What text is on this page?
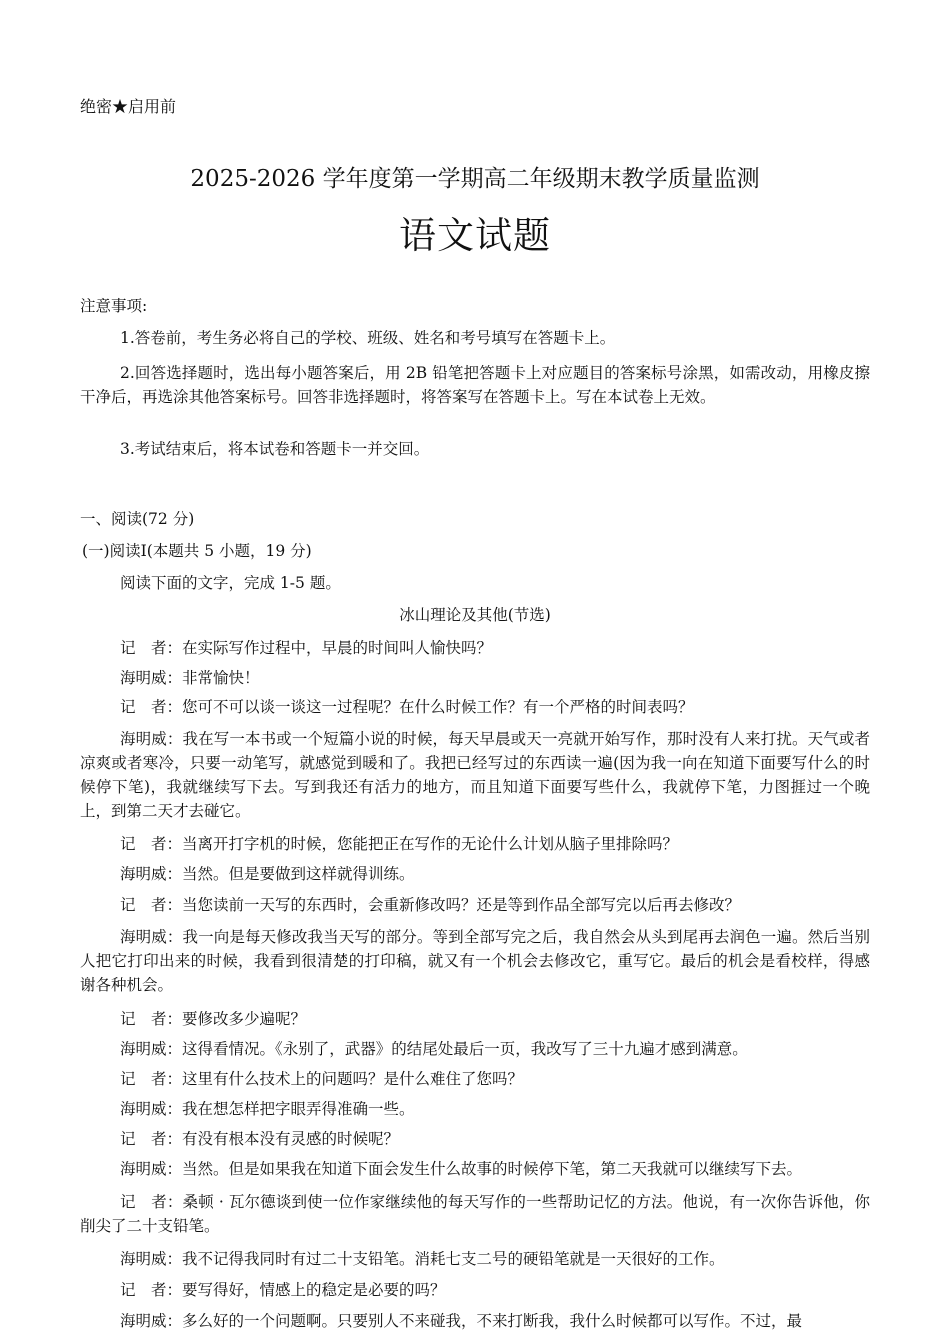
绝密★启用前
2025-2026 学年度第一学期高二年级期末教学质量监测
语文试题
注意事项:
1.答卷前，考生务必将自己的学校、班级、姓名和考号填写在答题卡上。
2.回答选择题时，选出每小题答案后，用 2B 铅笔把答题卡上对应题目的答案标号涂黑，如需改动，用橡皮擦干净后，再选涂其他答案标号。回答非选择题时，将答案写在答题卡上。写在本试卷上无效。
3.考试结束后，将本试卷和答题卡一并交回。
一、阅读(72 分)
(一)阅读Ⅰ(本题共 5 小题，19 分)
阅读下面的文字，完成 1-5 题。
冰山理论及其他(节选)
记　者：在实际写作过程中，早晨的时间叫人愉快吗？
海明威：非常愉快！
记　者：您可不可以谈一谈这一过程呢？在什么时候工作？有一个严格的时间表吗？
海明威：我在写一本书或一个短篇小说的时候，每天早晨或天一亮就开始写作，那时没有人来打扰。天气或者凉爽或者寒冷，只要一动笔写，就感觉到暖和了。我把已经写过的东西读一遍(因为我一向在知道下面要写什么的时候停下笔)，我就继续写下去。写到我还有活力的地方，而且知道下面要写些什么，我就停下笔，力图捱过一个晚上，到第二天才去碰它。
记　者：当离开打字机的时候，您能把正在写作的无论什么计划从脑子里排除吗？
海明威：当然。但是要做到这样就得训练。
记　者：当您读前一天写的东西时，会重新修改吗？还是等到作品全部写完以后再去修改？
海明威：我一向是每天修改我当天写的部分。等到全部写完之后，我自然会从头到尾再去润色一遍。然后当别人把它打印出来的时候，我看到很清楚的打印稿，就又有一个机会去修改它，重写它。最后的机会是看校样，得感谢各种机会。
记　者：要修改多少遍呢？
海明威：这得看情况。《永别了，武器》的结尾处最后一页，我改写了三十九遍才感到满意。
记　者：这里有什么技术上的问题吗？是什么难住了您吗？
海明威：我在想怎样把字眼弄得准确一些。
记　者：有没有根本没有灵感的时候呢？
海明威：当然。但是如果我在知道下面会发生什么故事的时候停下笔，第二天我就可以继续写下去。
记　者：桑顿 · 瓦尔德谈到使一位作家继续他的每天写作的一些帮助记忆的方法。他说，有一次你告诉他，你削尖了二十支铅笔。
海明威：我不记得我同时有过二十支铅笔。消耗七支二号的硬铅笔就是一天很好的工作。
记　者：要写得好，情感上的稳定是必要的吗？
海明威：多么好的一个问题啊。只要别人不来碰我，不来打断我，我什么时候都可以写作。不过，最
